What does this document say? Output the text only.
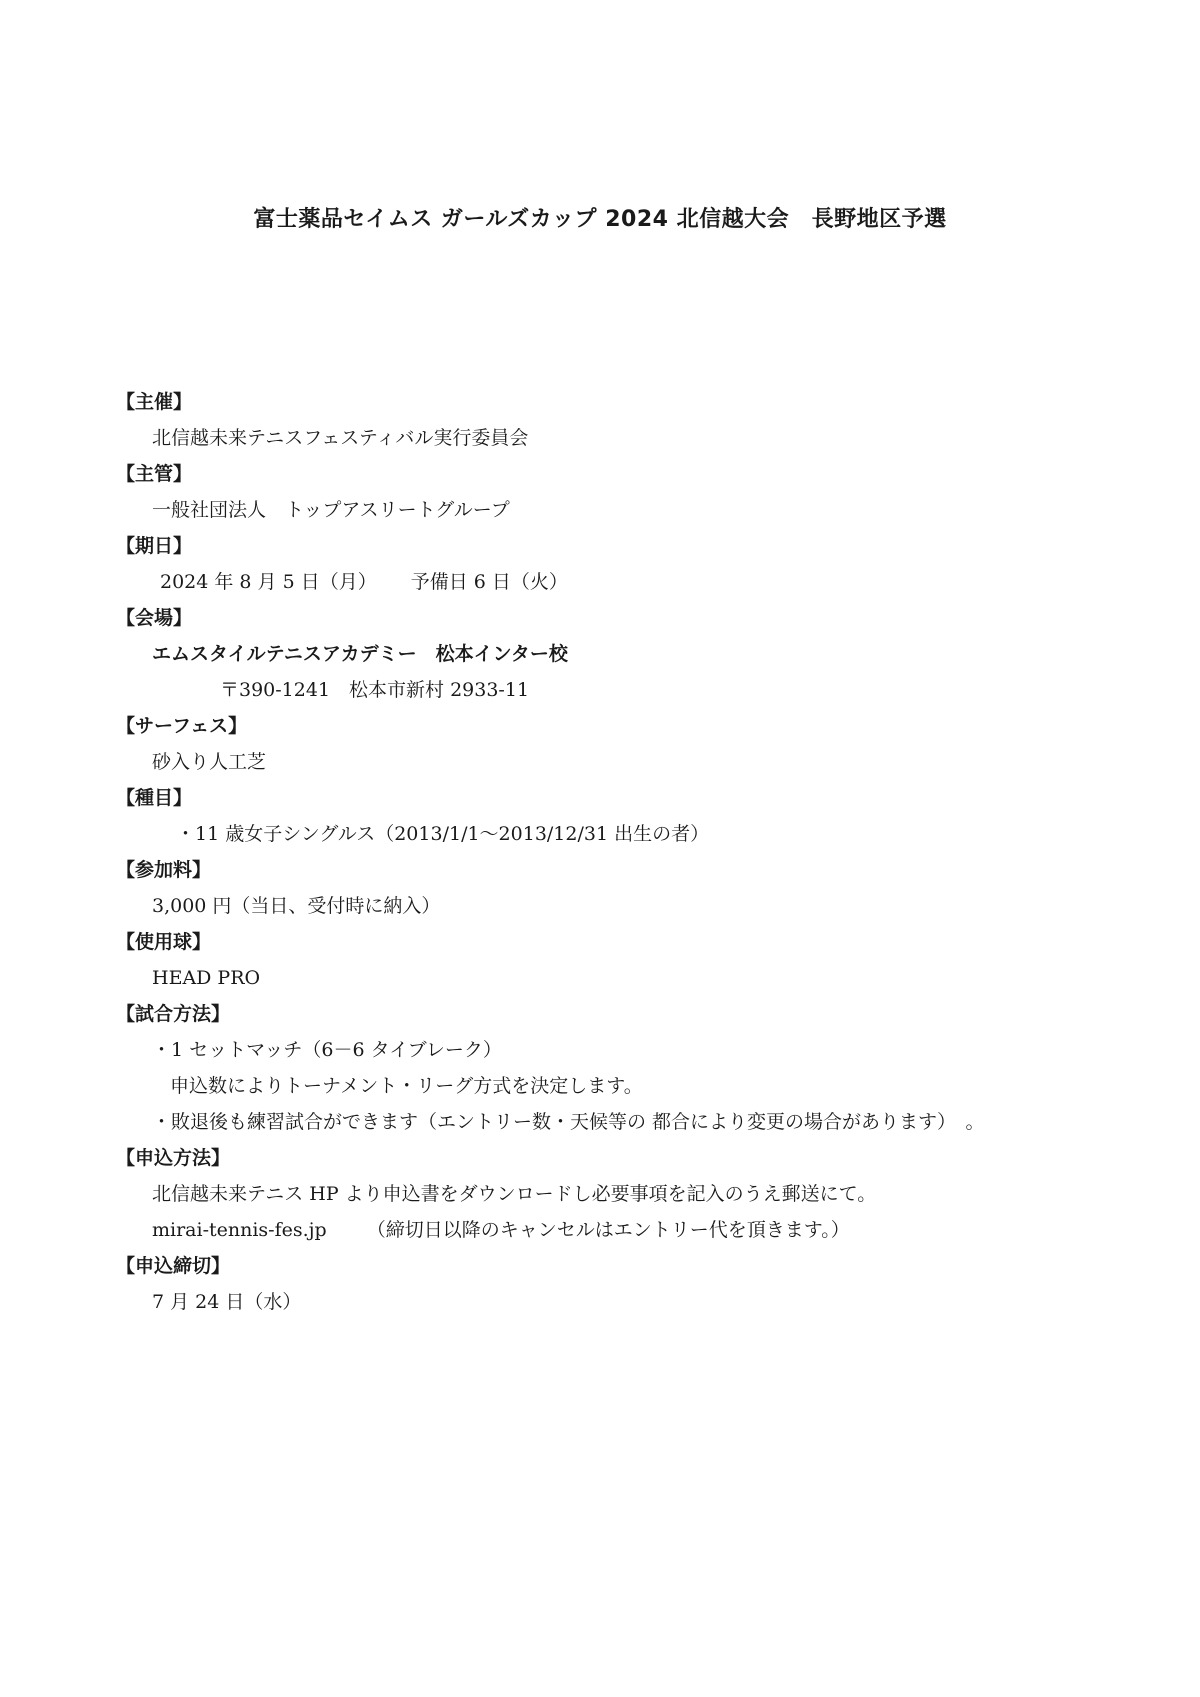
富士薬品セイムス ガールズカップ 2024 北信越大会　長野地区予選
【主催】
北信越未来テニスフェスティバル実行委員会
【主管】
一般社団法人　トップアスリートグループ
【期日】
2024 年 8 月 5 日（月） 予備日 6 日（火）
【会場】
エムスタイルテニスアカデミー　松本インター校
〒390-1241　松本市新村 2933-11
【サーフェス】
砂入り人工芝
【種目】
・11 歳女子シングルス（2013/1/1～2013/12/31 出生の者）
【参加料】
3,000 円（当日、受付時に納入）
【使用球】
HEAD PRO
【試合方法】
・1 セットマッチ（6－6 タイブレーク）
申込数によりトーナメント・リーグ方式を決定します。
・敗退後も練習試合ができます（エントリー数・天候等の 都合により変更の場合があります）　。
【申込方法】
北信越未来テニス HP より申込書をダウンロードし必要事項を記入のうえ郵送にて。
mirai-tennis-fes.jp （締切日以降のキャンセルはエントリー代を頂きます。）
【申込締切】
7 月 24 日（水）
